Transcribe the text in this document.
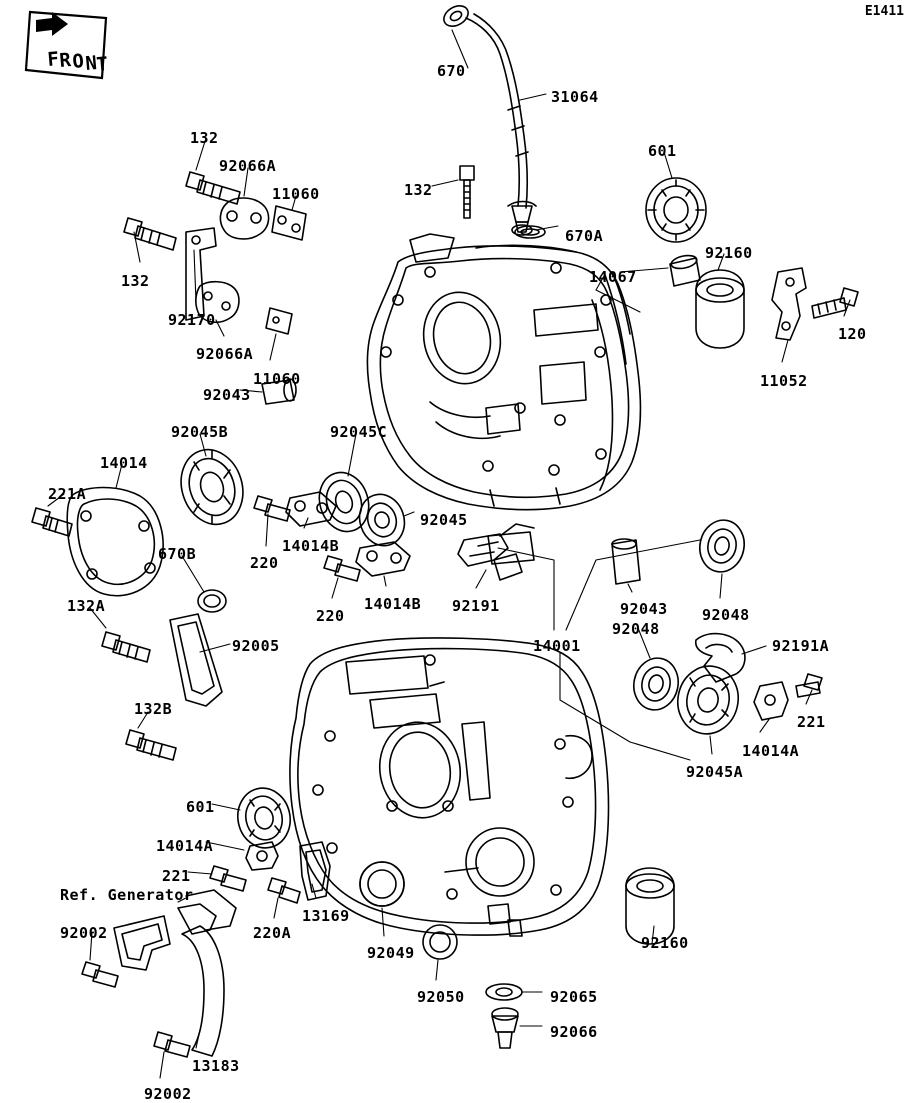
E1411
F
R O N
T	670
31064
132
92066A
11060	132
601
670A
92160
14067
132
92170
120
11052
92066A
11060
92043
92045B	92045C
14014
221A
92045
14014B
220
670B
220
14014B 92191	92043 92048
92048
14001	92191A
132A
92005
221
14014A
92045A
132B
601
14014A
221
220A
13169
92049
92160
92002
92050	92065
92066
13183
92002
Ref. Generator
